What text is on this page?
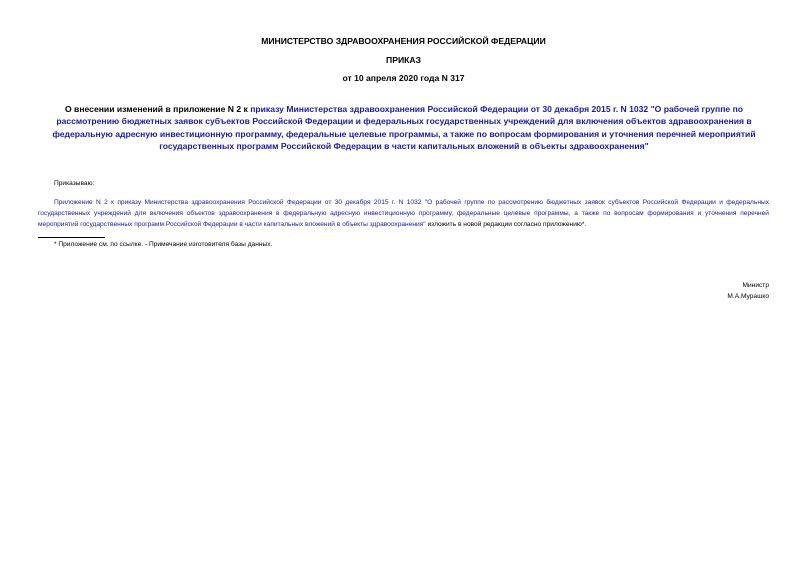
МИНИСТЕРСТВО ЗДРАВООХРАНЕНИЯ РОССИЙСКОЙ ФЕДЕРАЦИИ
ПРИКАЗ
от 10 апреля 2020 года N 317
О внесении изменений в приложение N 2 к приказу Министерства здравоохранения Российской Федерации от 30 декабря 2015 г. N 1032 "О рабочей группе по рассмотрению бюджетных заявок субъектов Российской Федерации и федеральных государственных учреждений для включения объектов здравоохранения в федеральную адресную инвестиционную программу, федеральные целевые программы, а также по вопросам формирования и уточнения перечней мероприятий государственных программ Российской Федерации в части капитальных вложений в объекты здравоохранения"
Приказываю:
Приложение N 2 к приказу Министерства здравоохранения Российской Федерации от 30 декабря 2015 г. N 1032 "О рабочей группе по рассмотрению бюджетных заявок субъектов Российской Федерации и федеральных государственных учреждений для включения объектов здравоохранения в федеральную адресную инвестиционную программу, федеральные целевые программы, а также по вопросам формирования и уточнения перечней мероприятий государственных программ Российской Федерации в части капитальных вложений в объекты здравоохранения" изложить в новой редакции согласно приложению*.
* Приложение см. по ссылке. - Примечание изготовителя базы данных.
Министр
М.А.Мурашко
